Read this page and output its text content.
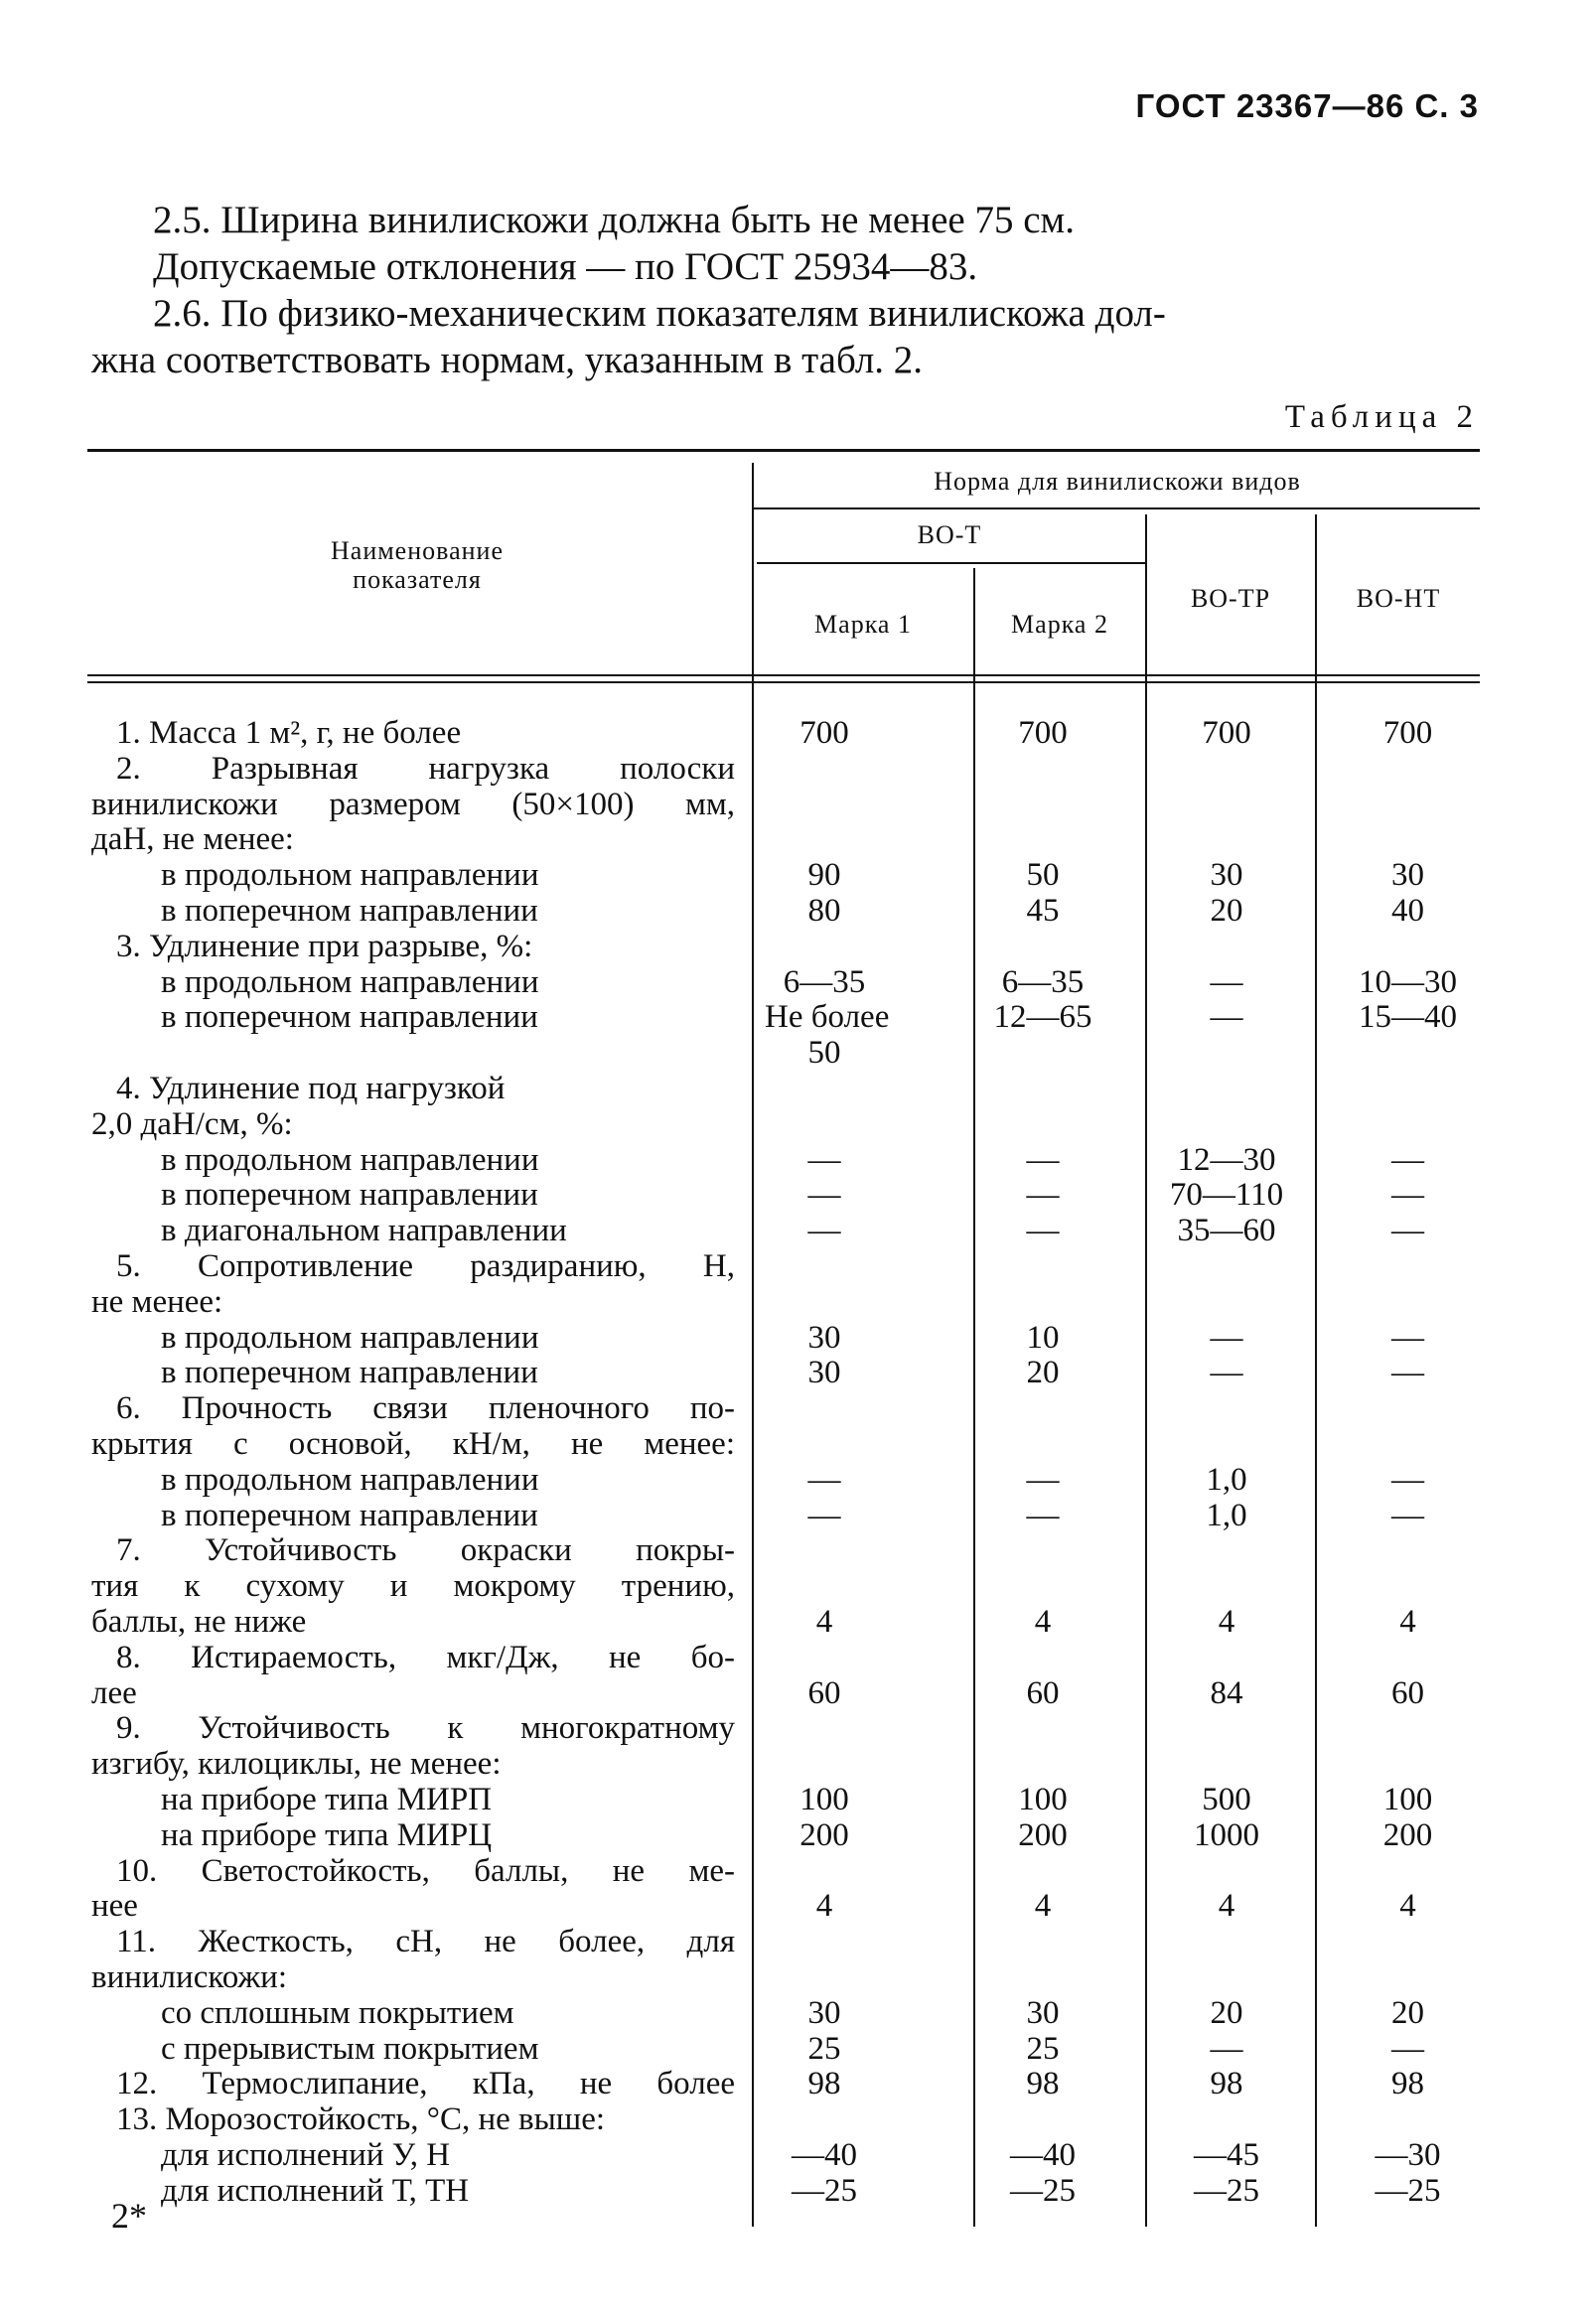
ГОСТ 23367—86 С. 3

2.5. Ширина винилискожи должна быть не менее 75 см.

Допускаемые отклонения — по ГОСТ 25934—83.

2.6. По физико-механическим показателям винилискожа дол-

жна соответствовать нормам, указанным в табл. 2.

Таблица 2
Наименование показателя
Норма для винилискожи видов
ВО-Т
Марка 1	Марка 2
ВО-ТР	ВО-НТ
1. Масса 1 м², г, не более	700	700	700	700
2. Разрывная нагрузка полоски
винилискожи размером (50×100) мм,
даН, не менее:
в продольном направлении	90	50	30	30
в поперечном направлении	80	45	20	40
3. Удлинение при разрыве, %:
в продольном направлении	6—35	6—35	—	10—30
в поперечном направлении	Не более	12—65	—	15—40
50
4. Удлинение под нагрузкой
2,0 даН/см, %:
в продольном направлении	—	—	12—30	—
в поперечном направлении	—	—	70—110	—
в диагональном направлении	—	—	35—60	—
5. Сопротивление раздиранию, Н,
не менее:
в продольном направлении	30	10	—	—
в поперечном направлении	30	20	—	—
6. Прочность связи пленочного по-
крытия с основой, кН/м, не менее:
в продольном направлении	—	—	1,0	—
в поперечном направлении	—	—	1,0	—
7. Устойчивость окраски покры-
тия к сухому и мокрому трению,
баллы, не ниже	4	4	4	4
8. Истираемость, мкг/Дж, не бо-
лее	60	60	84	60
9. Устойчивость к многократному
изгибу, килоциклы, не менее:
на приборе типа МИРП	100	100	500	100
на приборе типа МИРЦ	200	200	1000	200
10. Светостойкость, баллы, не ме-
нее	4	4	4	4
11. Жесткость, сН, не более, для
винилискожи:
со сплошным покрытием	30	30	20	20
с прерывистым покрытием	25	25	—	—
12. Термослипание, кПа, не более	98	98	98	98
13. Морозостойкость, °С, не выше:
для исполнений У, Н	—40	—40	—45	—30
для исполнений Т, ТН	—25	—25	—25	—25
2*
